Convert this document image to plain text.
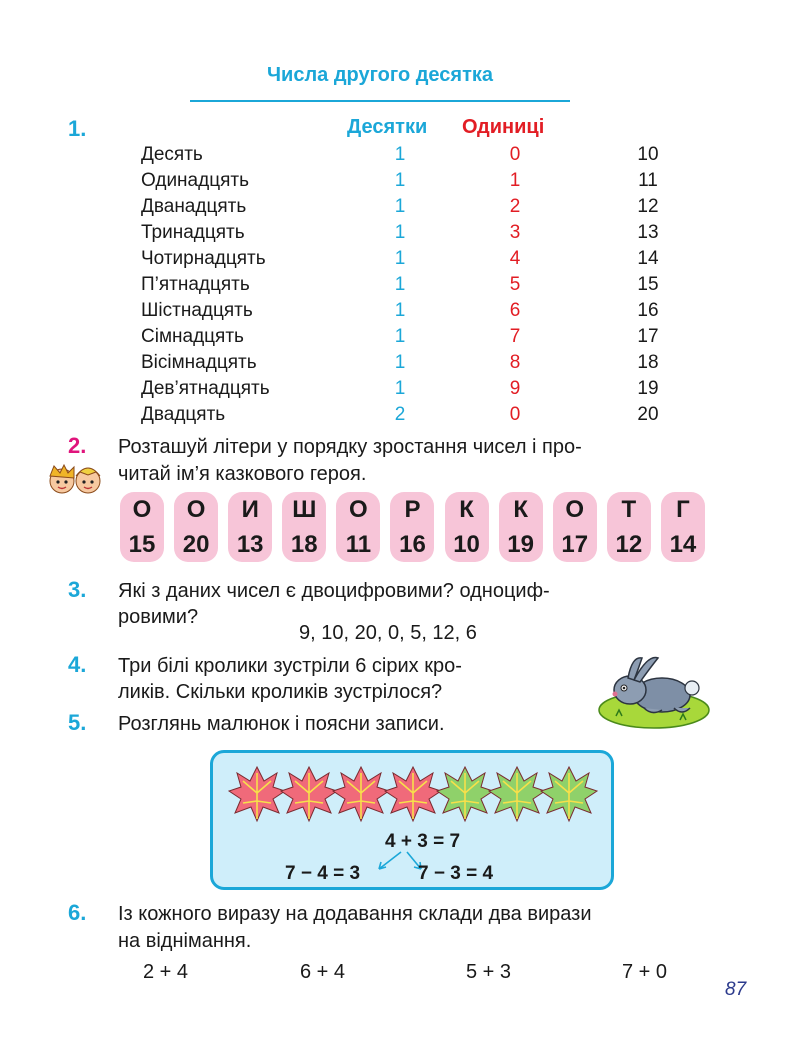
Числа другого десятка
1.	Десятки Одиниці
Десять	1	0	10
Одинадцять	1	1	11
Дванадцять	1	2	12
Тринадцять	1	3	13
Чотирнадцять	1	4	14
П’ятнадцять	1	5	15
Шістнадцять	1	6	16
Сімнадцять	1	7	17
Вісімнадцять	1	8	18
Дев’ятнадцять	1	9	19
Двадцять	2	0	20
2. Розташуй літери у порядку зростання чисел і про-
читай ім’я казкового героя.
О
15
О
20
И
13
Ш
18
О
11
Р
16
К
10
К
19
О
17
Т
12
Г
14
3. Які з даних чисел є двоцифровими? одноциф-
ровими?
9, 10, 20, 0, 5, 12, 6
4. Три білі кролики зустріли 6 сірих кро-
ликів. Скільки кроликів зустрілося?
5. Розглянь малюнок і поясни записи.
4 + 3 = 7
7 − 4 = 3	7 − 3 = 4
6. Із кожного виразу на додавання склади два вирази
на віднімання.
2 + 4	6 + 4	5 + 3	7 + 0
87
